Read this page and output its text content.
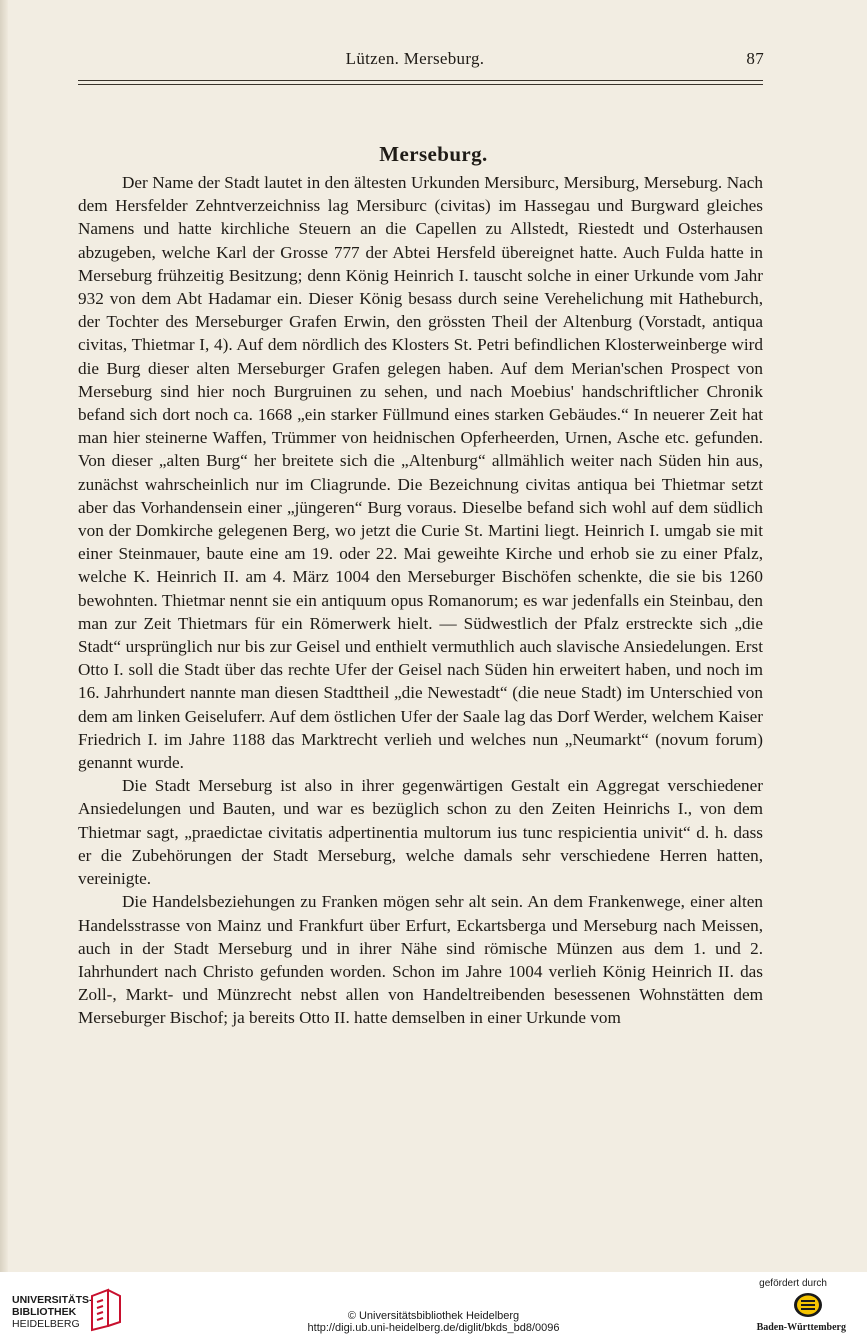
Lützen. Merseburg.	87
Merseburg.

Der Name der Stadt lautet in den ältesten Urkunden Mersiburc, Mersiburg, Merseburg. Nach dem Hersfelder Zehntverzeichniss lag Mersiburc (civitas) im Hassegau und Burgward gleiches Namens und hatte kirchliche Steuern an die Capellen zu Allstedt, Riestedt und Osterhausen abzugeben, welche Karl der Grosse 777 der Abtei Hersfeld übereignet hatte. Auch Fulda hatte in Merseburg frühzeitig Besitzung; denn König Heinrich I. tauscht solche in einer Urkunde vom Jahr 932 von dem Abt Hadamar ein. Dieser König besass durch seine Verehelichung mit Hatheburch, der Tochter des Merseburger Grafen Erwin, den grössten Theil der Altenburg (Vorstadt, antiqua civitas, Thietmar I, 4). Auf dem nördlich des Klosters St. Petri befindlichen Klosterweinberge wird die Burg dieser alten Merseburger Grafen gelegen haben. Auf dem Merian'schen Prospect von Merseburg sind hier noch Burgruinen zu sehen, und nach Moebius' handschriftlicher Chronik befand sich dort noch ca. 1668 „ein starker Füllmund eines starken Gebäudes.“ In neuerer Zeit hat man hier steinerne Waffen, Trümmer von heidnischen Opferheerden, Urnen, Asche etc. gefunden. Von dieser „alten Burg“ her breitete sich die „Altenburg“ allmählich weiter nach Süden hin aus, zunächst wahrscheinlich nur im Cliagrunde. Die Bezeichnung civitas antiqua bei Thietmar setzt aber das Vorhandensein einer „jüngeren“ Burg voraus. Dieselbe befand sich wohl auf dem südlich von der Domkirche gelegenen Berg, wo jetzt die Curie St. Martini liegt. Heinrich I. umgab sie mit einer Steinmauer, baute eine am 19. oder 22. Mai geweihte Kirche und erhob sie zu einer Pfalz, welche K. Heinrich II. am 4. März 1004 den Merseburger Bischöfen schenkte, die sie bis 1260 bewohnten. Thietmar nennt sie ein antiquum opus Romanorum; es war jedenfalls ein Steinbau, den man zur Zeit Thietmars für ein Römerwerk hielt. — Südwestlich der Pfalz erstreckte sich „die Stadt“ ursprünglich nur bis zur Geisel und enthielt vermuthlich auch slavische Ansiedelungen. Erst Otto I. soll die Stadt über das rechte Ufer der Geisel nach Süden hin erweitert haben, und noch im 16. Jahrhundert nannte man diesen Stadttheil „die Newestadt“ (die neue Stadt) im Unterschied von dem am linken Geiseluferr. Auf dem östlichen Ufer der Saale lag das Dorf Werder, welchem Kaiser Friedrich I. im Jahre 1188 das Marktrecht verlieh und welches nun „Neumarkt“ (novum forum) genannt wurde.

Die Stadt Merseburg ist also in ihrer gegenwärtigen Gestalt ein Aggregat verschiedener Ansiedelungen und Bauten, und war es bezüglich schon zu den Zeiten Heinrichs I., von dem Thietmar sagt, „praedictae civitatis adpertinentia multorum ius tunc respicientia univit“ d. h. dass er die Zubehörungen der Stadt Merseburg, welche damals sehr verschiedene Herren hatten, vereinigte.

Die Handelsbeziehungen zu Franken mögen sehr alt sein. An dem Frankenwege, einer alten Handelsstrasse von Mainz und Frankfurt über Erfurt, Eckartsberga und Merseburg nach Meissen, auch in der Stadt Merseburg und in ihrer Nähe sind römische Münzen aus dem 1. und 2. Iahrhundert nach Christo gefunden worden. Schon im Jahre 1004 verlieh König Heinrich II. das Zoll-, Markt- und Münzrecht nebst allen von Handeltreibenden besessenen Wohnstätten dem Merseburger Bischof; ja bereits Otto II. hatte demselben in einer Urkunde vom

UNIVERSITÄTS-
BIBLIOTHEK
HEIDELBERG
© Universitätsbibliothek Heidelberg
http://digi.ub.uni-heidelberg.de/diglit/bkds_bd8/0096
gefördert durch
Baden-Württemberg
